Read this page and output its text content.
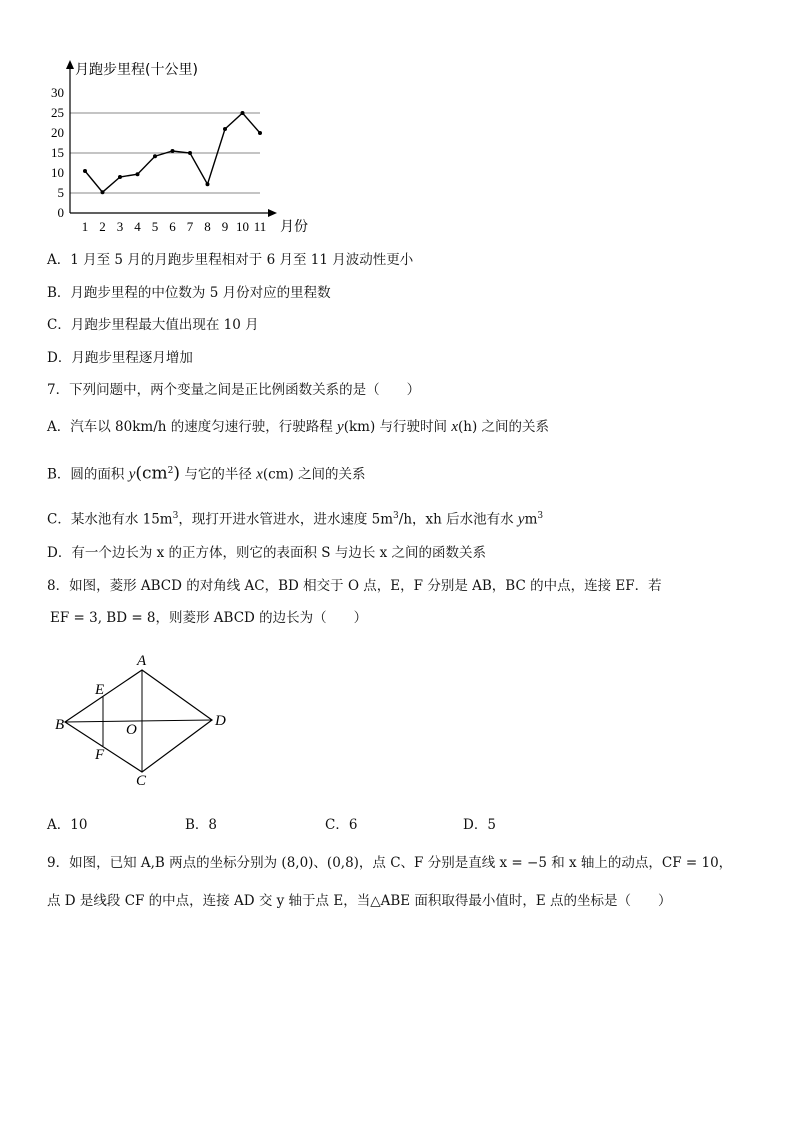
0
5
10
15
20
25
30
1 2 3 4 5 6 7 8 9 10 11
月跑步里程(十公里)
月份
A．1 月至 5 月的月跑步里程相对于 6 月至 11 月波动性更小
B．月跑步里程的中位数为 5 月份对应的里程数
C．月跑步里程最大值出现在 10 月
D．月跑步里程逐月增加
7．下列问题中，两个变量之间是正比例函数关系的是（　　）
A．汽车以 80km/h 的速度匀速行驶，行驶路程 y(km) 与行驶时间 x(h) 之间的关系
B．圆的面积 $y(cm^2)$ 与它的半径 x(cm) 之间的关系
C．某水池有水 $15m^3$，现打开进水管进水，进水速度 $5m^3/h$，xh 后水池有水 $ym^3$
D．有一个边长为 x 的正方体，则它的表面积 S 与边长 x 之间的函数关系
8．如图，菱形 ABCD 的对角线 AC，BD 相交于 O 点，E，F 分别是 AB，BC 的中点，连接 EF．若
EF = 3, BD = 8，则菱形 ABCD 的边长为（　　）
A
B
C
D
E
F
O
A．10	B．8	C．6	D．5
9．如图，已知 A,B 两点的坐标分别为 (8,0)、(0,8)，点 C、F 分别是直线 x = −5 和 x 轴上的动点，CF = 10，
点 D 是线段 CF 的中点，连接 AD 交 y 轴于点 E，当△ABE 面积取得最小值时，E 点的坐标是（　　）
